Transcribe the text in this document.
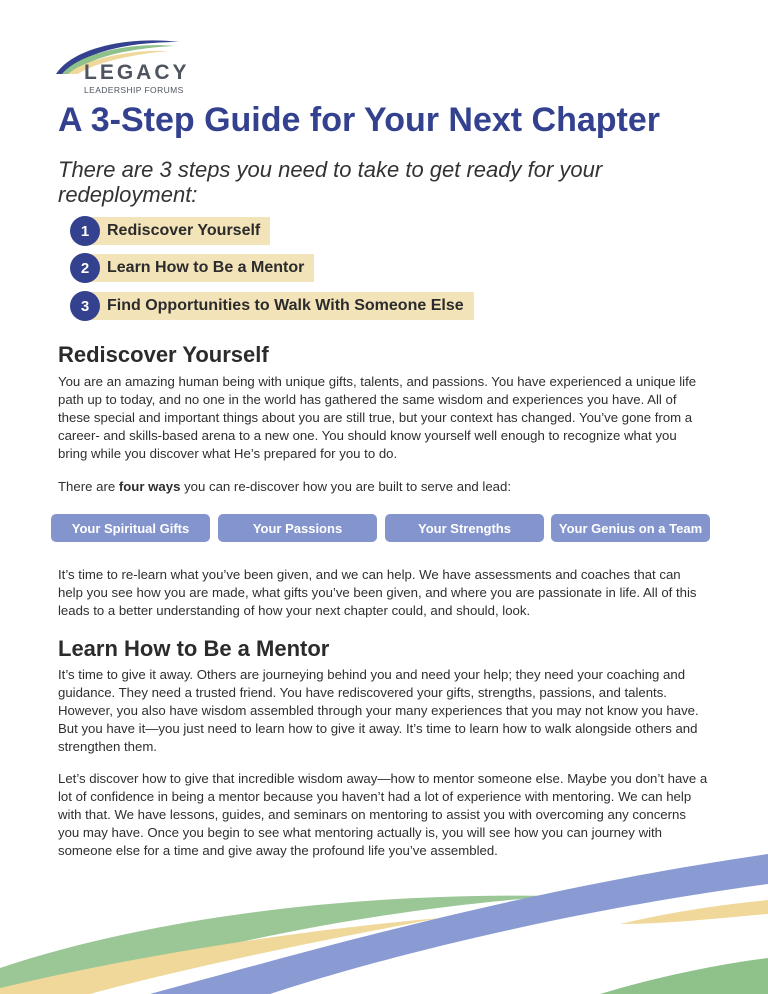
LEGACY
LEADERSHIP FORUMS
A 3-Step Guide for Your Next Chapter

There are 3 steps you need to take to get ready for your redeployment:

1	Rediscover Yourself
2	Learn How to Be a Mentor
3	Find Opportunities to Walk With Someone Else
Rediscover Yourself

You are an amazing human being with unique gifts, talents, and passions. You have experienced a unique life path up to today, and no one in the world has gathered the same wisdom and experiences you have. All of these special and important things about you are still true, but your context has changed. You’ve gone from a career- and skills-based arena to a new one. You should know yourself well enough to recognize what you bring while you discover what He’s prepared for you to do.

There are four ways you can re-discover how you are built to serve and lead:

Your Spiritual Gifts	Your Passions	Your Strengths	Your Genius on a Team

It’s time to re-learn what you’ve been given, and we can help. We have assessments and coaches that can help you see how you are made, what gifts you’ve been given, and where you are passionate in life. All of this leads to a better understanding of how your next chapter could, and should, look.

Learn How to Be a Mentor

It’s time to give it away. Others are journeying behind you and need your help; they need your coaching and guidance. They need a trusted friend. You have rediscovered your gifts, strengths, passions, and talents. However, you also have wisdom assembled through your many experiences that you may not know you have. But you have it—you just need to learn how to give it away. It’s time to learn how to walk alongside others and strengthen them.

Let’s discover how to give that incredible wisdom away—how to mentor someone else. Maybe you don’t have a lot of confidence in being a mentor because you haven’t had a lot of experience with mentoring. We can help with that. We have lessons, guides, and seminars on mentoring to assist you with overcoming any concerns you may have. Once you begin to see what mentoring actually is, you will see how you can journey with someone else for a time and give away the profound life you’ve assembled.
